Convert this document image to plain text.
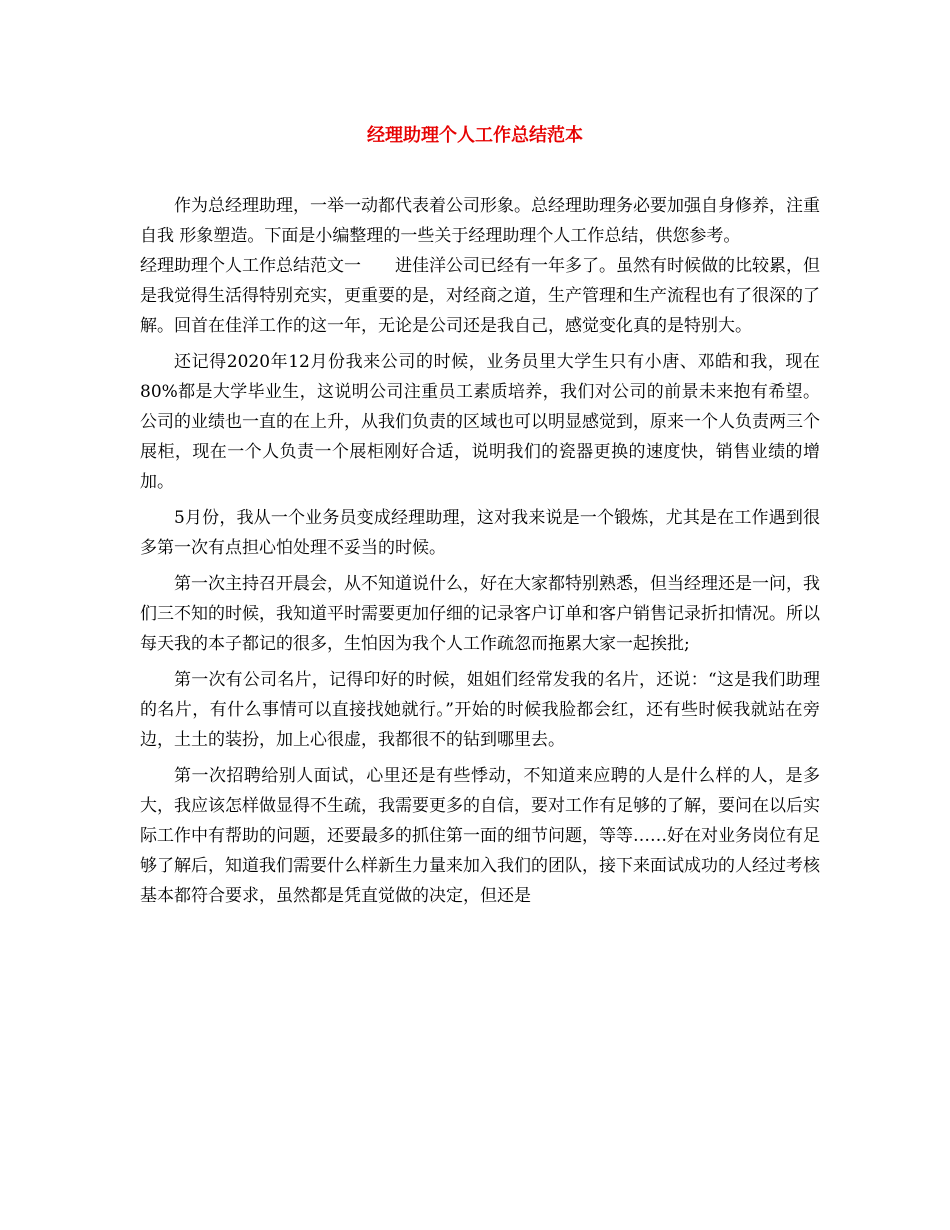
经理助理个人工作总结范本

作为总经理助理，一举一动都代表着公司形象。总经理助理务必要加强自身修养，注重自我 形象塑造。下面是小编整理的一些关于经理助理个人工作总结，供您参考。

经理助理个人工作总结范文一　　进佳洋公司已经有一年多了。虽然有时候做的比较累，但是我觉得生活得特别充实，更重要的是，对经商之道，生产管理和生产流程也有了很深的了解。回首在佳洋工作的这一年，无论是公司还是我自己，感觉变化真的是特别大。

还记得2020年12月份我来公司的时候，业务员里大学生只有小唐、邓皓和我，现在80%都是大学毕业生，这说明公司注重员工素质培养，我们对公司的前景未来抱有希望。公司的业绩也一直的在上升，从我们负责的区域也可以明显感觉到，原来一个人负责两三个展柜，现在一个人负责一个展柜刚好合适，说明我们的瓷器更换的速度快，销售业绩的增加。

5月份，我从一个业务员变成经理助理，这对我来说是一个锻炼，尤其是在工作遇到很多第一次有点担心怕处理不妥当的时候。

第一次主持召开晨会，从不知道说什么，好在大家都特别熟悉，但当经理还是一问，我们三不知的时候，我知道平时需要更加仔细的记录客户订单和客户销售记录折扣情况。所以每天我的本子都记的很多，生怕因为我个人工作疏忽而拖累大家一起挨批;

第一次有公司名片，记得印好的时候，姐姐们经常发我的名片，还说：“这是我们助理的名片，有什么事情可以直接找她就行。”开始的时候我脸都会红，还有些时候我就站在旁边，土土的装扮，加上心很虚，我都很不的钻到哪里去。

第一次招聘给别人面试，心里还是有些悸动，不知道来应聘的人是什么样的人，是多大，我应该怎样做显得不生疏，我需要更多的自信，要对工作有足够的了解，要问在以后实际工作中有帮助的问题，还要最多的抓住第一面的细节问题，等等……好在对业务岗位有足够了解后，知道我们需要什么样新生力量来加入我们的团队，接下来面试成功的人经过考核基本都符合要求，虽然都是凭直觉做的决定，但还是
